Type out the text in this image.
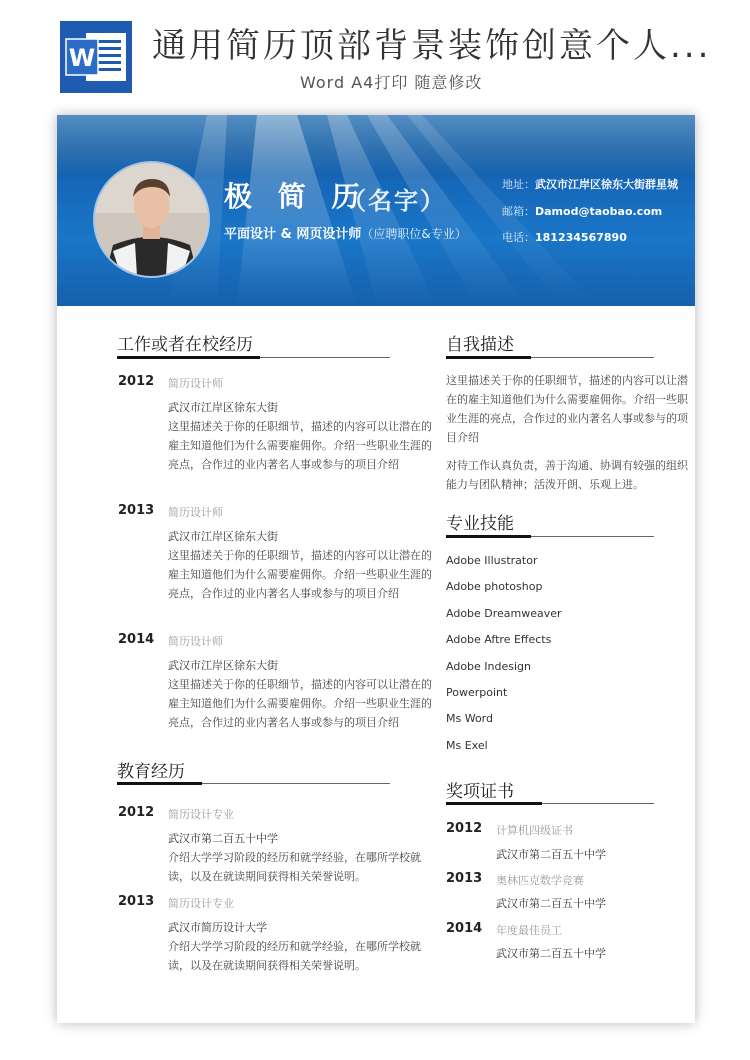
W 通用简历顶部背景装饰创意个人...
Word A4打印 随意修改
极 简 历
（名字）
平面设计 & 网页设计师（应聘职位&专业）
地址：武汉市江岸区徐东大街群星城
邮箱：Damod@taobao.com
电话：181234567890
工作或者在校经历
2012 简历设计师
武汉市江岸区徐东大街
这里描述关于你的任职细节，描述的内容可以让潜在的
雇主知道他们为什么需要雇佣你。介绍一些职业生涯的
亮点，合作过的业内著名人事或参与的项目介绍
2013 简历设计师
武汉市江岸区徐东大街
这里描述关于你的任职细节，描述的内容可以让潜在的
雇主知道他们为什么需要雇佣你。介绍一些职业生涯的
亮点，合作过的业内著名人事或参与的项目介绍
2014 简历设计师
武汉市江岸区徐东大街
这里描述关于你的任职细节，描述的内容可以让潜在的
雇主知道他们为什么需要雇佣你。介绍一些职业生涯的
亮点，合作过的业内著名人事或参与的项目介绍
教育经历
2012 简历设计专业
武汉市第二百五十中学
介绍大学学习阶段的经历和就学经验，在哪所学校就
读，以及在就读期间获得相关荣誉说明。
2013 简历设计专业
武汉市简历设计大学
介绍大学学习阶段的经历和就学经验，在哪所学校就
读，以及在就读期间获得相关荣誉说明。
自我描述
这里描述关于你的任职细节，描述的内容可以让潜
在的雇主知道他们为什么需要雇佣你。介绍一些职
业生涯的亮点，合作过的业内著名人事或参与的项
目介绍
对待工作认真负责，善于沟通、协调有较强的组织
能力与团队精神；活泼开朗、乐观上进。
专业技能
Adobe Illustrator
Adobe photoshop
Adobe Dreamweaver
Adobe Aftre Effects
Adobe Indesign
Powerpoint
Ms Word
Ms Exel
奖项证书
2012 计算机四级证书
武汉市第二百五十中学
2013 奥林匹克数学竞赛
武汉市第二百五十中学
2014 年度最佳员工
武汉市第二百五十中学
